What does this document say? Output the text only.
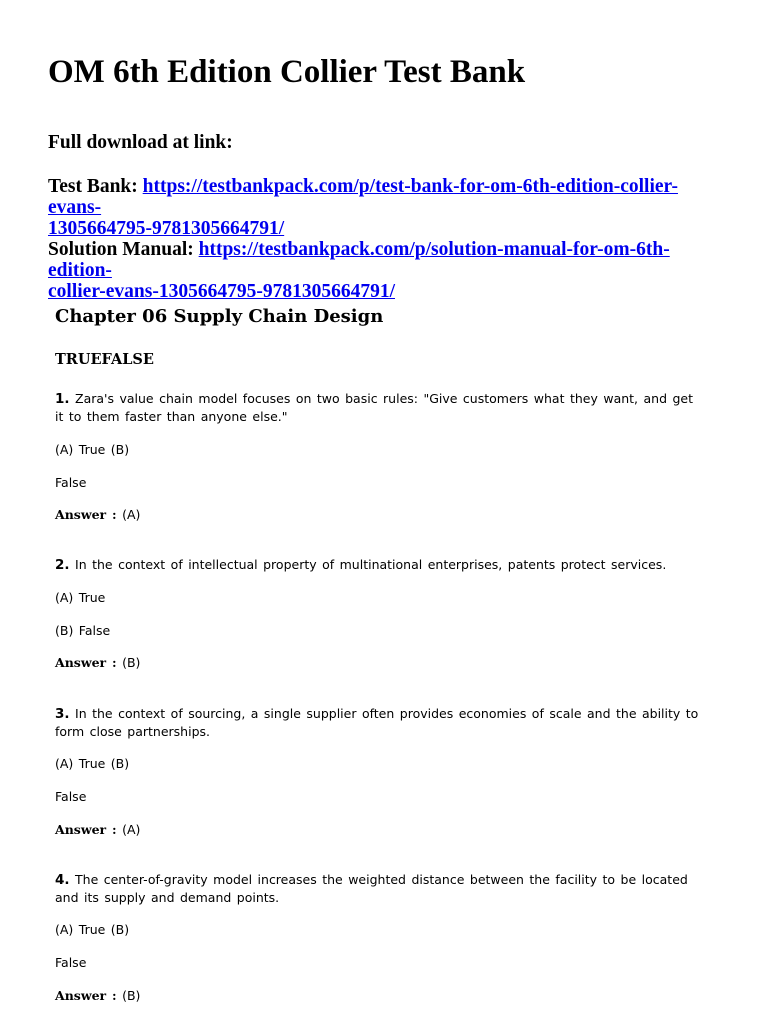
OM 6th Edition Collier Test Bank

Full download at link:

Test Bank: https://testbankpack.com/p/test-bank-for-om-6th-edition-collier-evans-
1305664795-9781305664791/

Solution Manual: https://testbankpack.com/p/solution-manual-for-om-6th-edition-
collier-evans-1305664795-9781305664791/

Chapter 06 Supply Chain Design
TRUEFALSE

1. Zara's value chain model focuses on two basic rules: "Give customers what they want, and get it to them faster than anyone else."

(A) True (B)

False

Answer : (A)

2. In the context of intellectual property of multinational enterprises, patents protect services.

(A) True

(B) False

Answer : (B)

3. In the context of sourcing, a single supplier often provides economies of scale and the ability to form close partnerships.

(A) True (B)

False

Answer : (A)

4. The center-of-gravity model increases the weighted distance between the facility to be located and its supply and demand points.

(A) True (B)

False

Answer : (B)
